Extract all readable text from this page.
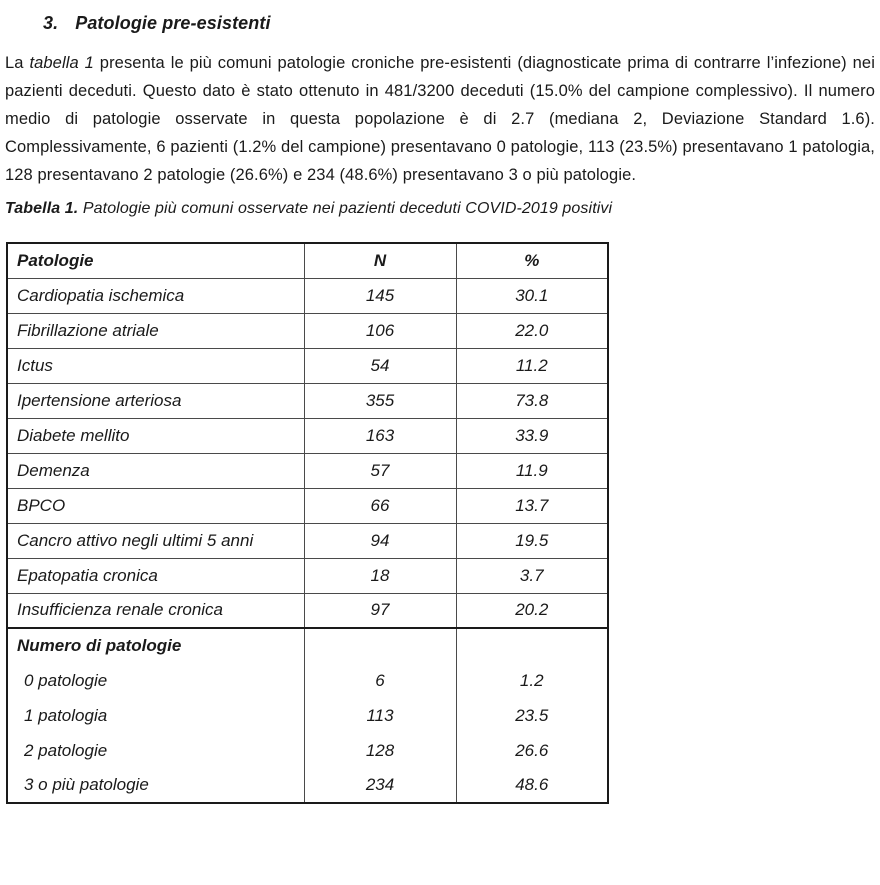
3. Patologie pre-esistenti

La tabella 1 presenta le più comuni patologie croniche pre-esistenti (diagnosticate prima di contrarre l’infezione) nei pazienti deceduti. Questo dato è stato ottenuto in 481/3200 deceduti (15.0% del campione complessivo). Il numero medio di patologie osservate in questa popolazione è di 2.7 (mediana 2, Deviazione Standard 1.6). Complessivamente, 6 pazienti (1.2% del campione) presentavano 0 patologie, 113 (23.5%) presentavano 1 patologia, 128 presentavano 2 patologie (26.6%) e 234 (48.6%) presentavano 3 o più patologie.

Tabella 1. Patologie più comuni osservate nei pazienti deceduti COVID-2019 positivi

Patologie	N	%
Cardiopatia ischemica	145	30.1
Fibrillazione atriale	106	22.0
Ictus	54	11.2
Ipertensione arteriosa	355	73.8
Diabete mellito	163	33.9
Demenza	57	11.9
BPCO	66	13.7
Cancro attivo negli ultimi 5 anni	94	19.5
Epatopatia cronica	18	3.7
Insufficienza renale cronica	97	20.2
Numero di patologie		
0 patologie	6	1.2
1 patologia	113	23.5
2 patologie	128	26.6
3 o più patologie	234	48.6
